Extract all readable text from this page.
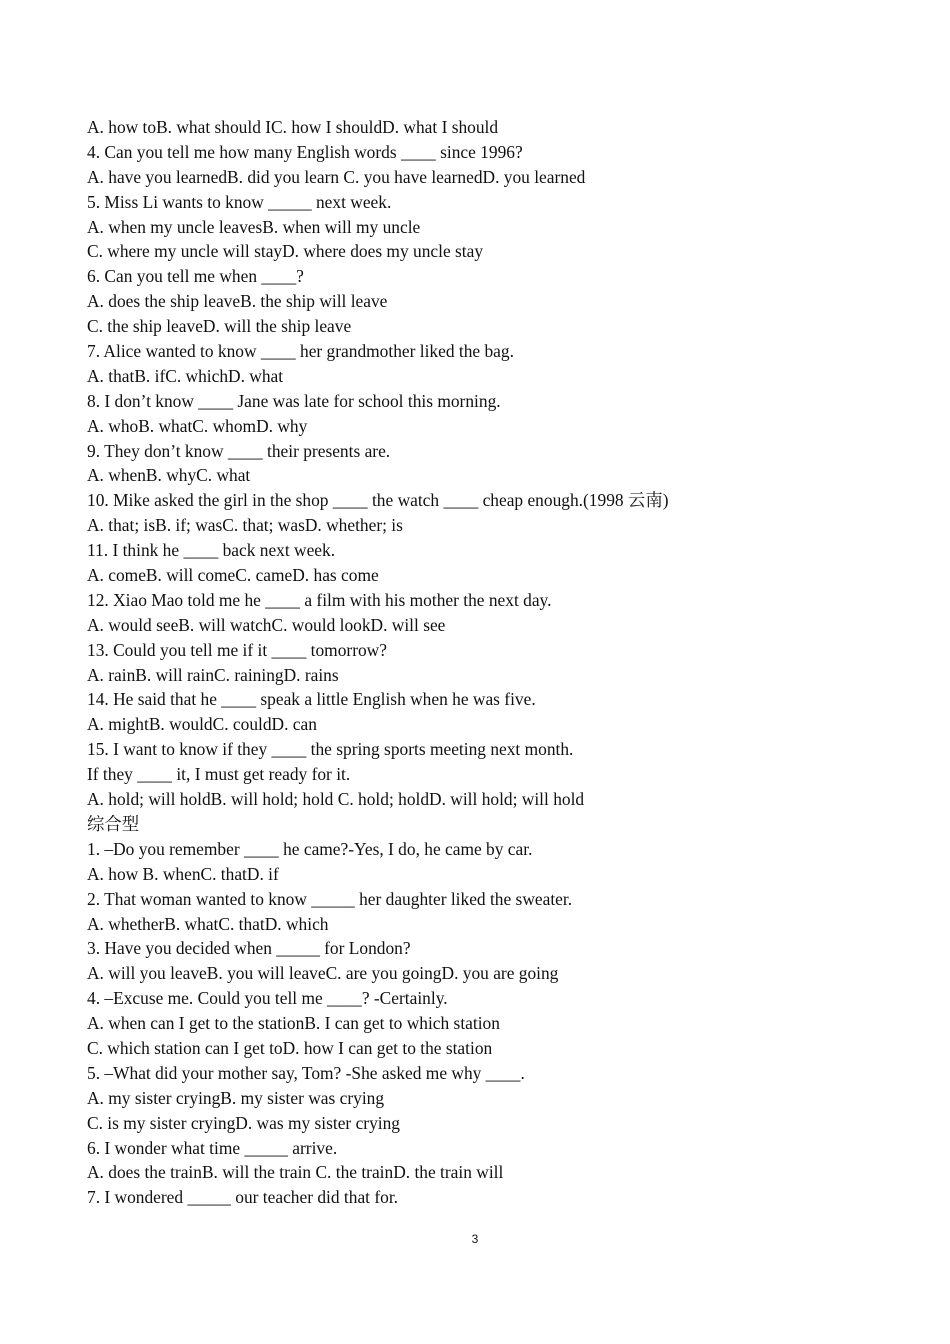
A. how toB. what should IC. how I shouldD. what I should
4. Can you tell me how many English words ____ since 1996?
A. have you learnedB. did you learn C. you have learnedD. you learned
5. Miss Li wants to know _____ next week.
A. when my uncle leavesB. when will my uncle
C. where my uncle will stayD. where does my uncle stay
6. Can you tell me when ____?
A. does the ship leaveB. the ship will leave
C. the ship leaveD. will the ship leave
7. Alice wanted to know ____ her grandmother liked the bag.
A. thatB. ifC. whichD. what
8. I don’t know ____ Jane was late for school this morning.
A. whoB. whatC. whomD. why
9. They don’t know ____ their presents are.
A. whenB. whyC. what
10. Mike asked the girl in the shop ____ the watch ____ cheap enough.(1998 云南)
A. that; isB. if; wasC. that; wasD. whether; is
11. I think he ____ back next week.
A. comeB. will comeC. cameD. has come
12. Xiao Mao told me he ____ a film with his mother the next day.
A. would seeB. will watchC. would lookD. will see
13. Could you tell me if it ____ tomorrow?
A. rainB. will rainC. rainingD. rains
14. He said that he ____ speak a little English when he was five.
A. mightB. wouldC. couldD. can
15. I want to know if they ____ the spring sports meeting next month.
If they ____ it, I must get ready for it.
A. hold; will holdB. will hold; hold C. hold; holdD. will hold; will hold
综合型
1. –Do you remember ____ he came?-Yes, I do, he came by car.
A. how B. whenC. thatD. if
2. That woman wanted to know _____ her daughter liked the sweater.
A. whetherB. whatC. thatD. which
3. Have you decided when _____ for London?
A. will you leaveB. you will leaveC. are you goingD. you are going
4. –Excuse me. Could you tell me ____? -Certainly.
A. when can I get to the stationB. I can get to which station
C. which station can I get toD. how I can get to the station
5. –What did your mother say, Tom? -She asked me why ____.
A. my sister cryingB. my sister was crying
C. is my sister cryingD. was my sister crying
6. I wonder what time _____ arrive.
A. does the trainB. will the train C. the trainD. the train will
7. I wondered _____ our teacher did that for.
3
